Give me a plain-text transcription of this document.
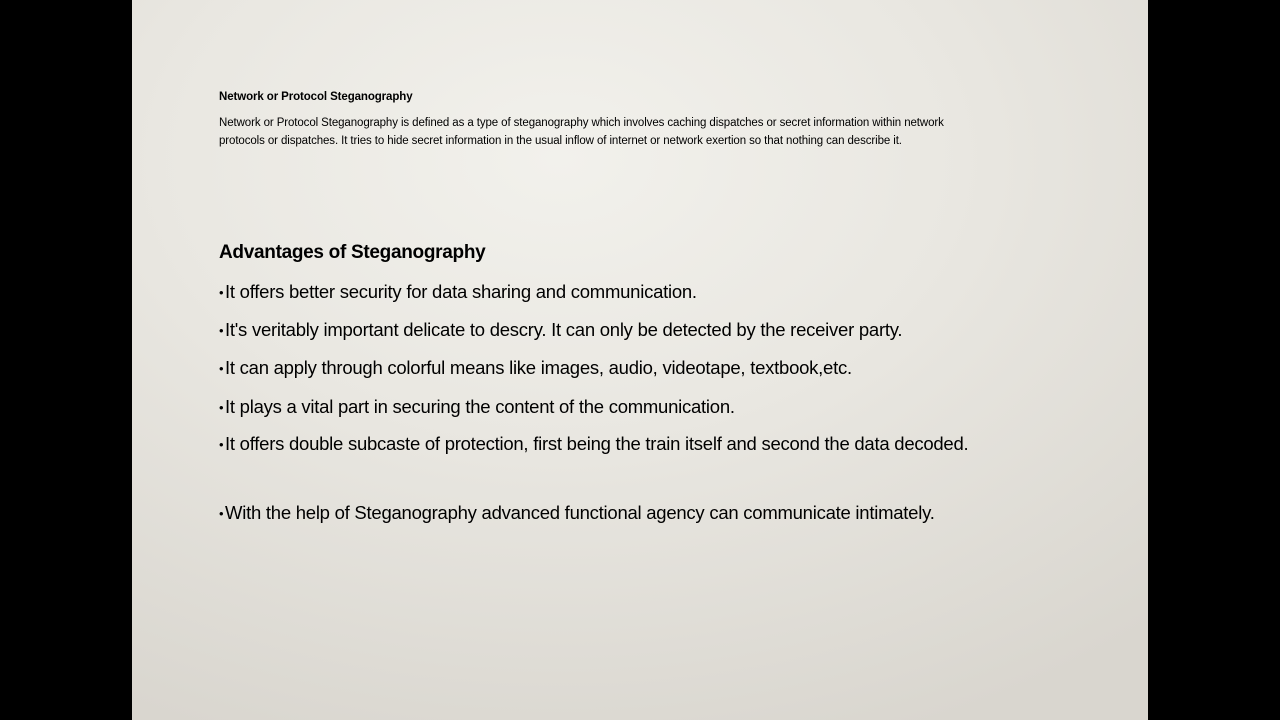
Network or Protocol Steganography

Network or Protocol Steganography is defined as a type of steganography which involves caching dispatches or secret information within network protocols or dispatches. It tries to hide secret information in the usual inflow of internet or network exertion so that nothing can describe it.

Advantages of Steganography
•It offers better security for data sharing and communication.
•It's veritably important delicate to descry. It can only be detected by the receiver party.
•It can apply through colorful means like images, audio, videotape, textbook,etc.
•It plays a vital part in securing the content of the communication.
•It offers double subcaste of protection, first being the train itself and second the data decoded.
•With the help of Steganography advanced functional agency can communicate intimately.
